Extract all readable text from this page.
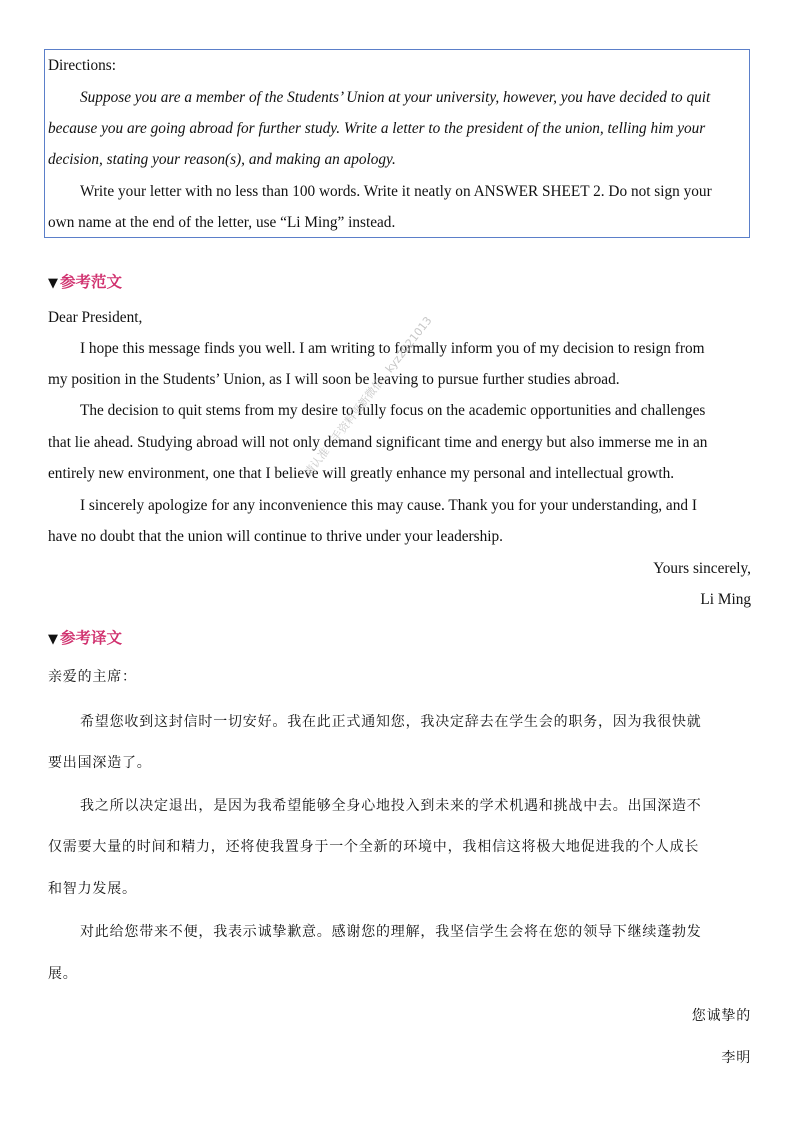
Directions:
Suppose you are a member of the Students’ Union at your university, however, you have decided to quit
because you are going abroad for further study. Write a letter to the president of the union, telling him your
decision, stating your reason(s), and making an apology.
Write your letter with no less than 100 words. Write it neatly on ANSWER SHEET 2. Do not sign your
own name at the end of the letter, use “Li Ming” instead.
▼ 参考范文
Dear President,
I hope this message finds you well. I am writing to formally inform you of my decision to resign from
my position in the Students’ Union, as I will soon be leaving to pursue further studies abroad.
The decision to quit stems from my desire to fully focus on the academic opportunities and challenges
that lie ahead. Studying abroad will not only demand significant time and energy but also immerse me in an
entirely new environment, one that I believe will greatly enhance my personal and intellectual growth.
I sincerely apologize for any inconvenience this may cause. Thank you for your understanding, and I
have no doubt that the union will continue to thrive under your leadership.
Yours sincerely,
Li Ming
▼ 参考译文
亲爱的主席：
希望您收到这封信时一切安好。我在此正式通知您，我决定辞去在学生会的职务，因为我很快就
要出国深造了。
我之所以决定退出，是因为我希望能够全身心地投入到未来的学术机遇和挑战中去。出国深造不
仅需要大量的时间和精力，还将使我置身于一个全新的环境中，我相信这将极大地促进我的个人成长
和智力发展。
对此给您带来不便，我表示诚挚歉意。感谢您的理解，我坚信学生会将在您的领导下继续蓬勃发
展。
您诚挚的
李明
请认准一手资料更新微信：kyz2021013
